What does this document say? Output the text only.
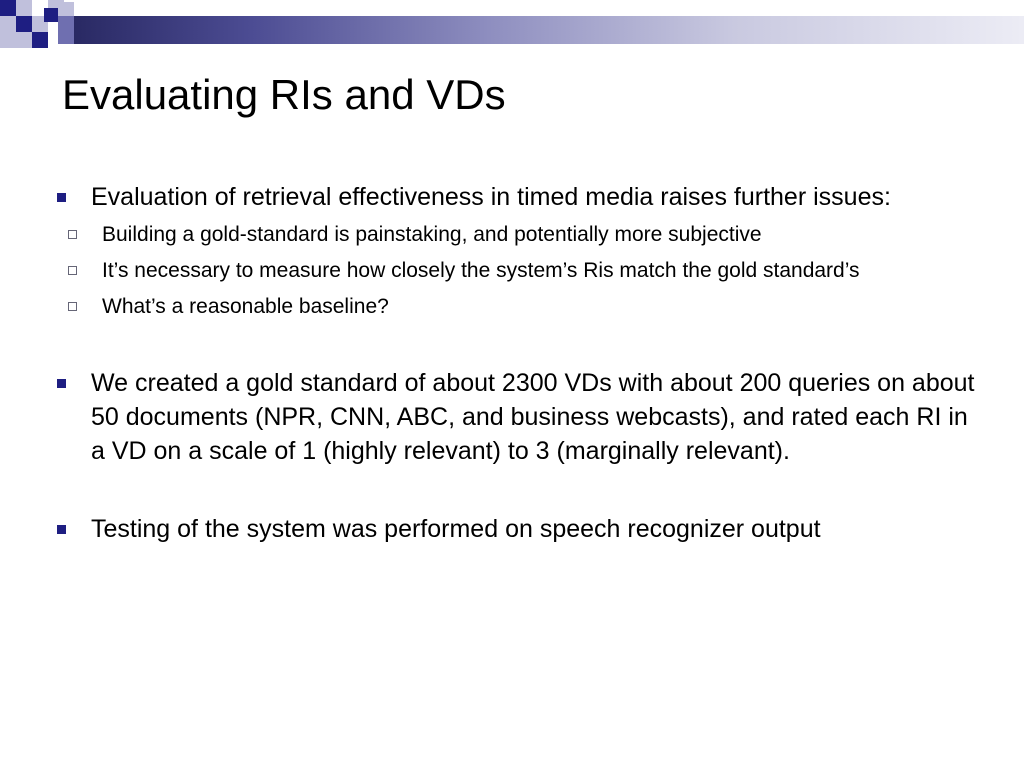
Evaluating RIs and VDs
Evaluation of retrieval effectiveness in timed media raises further issues:
Building a gold-standard is painstaking, and potentially more subjective
It’s necessary to measure how closely the system’s Ris match the gold standard’s
What’s a reasonable baseline?
We created a gold standard of about 2300 VDs with about 200 queries on about 50 documents (NPR, CNN, ABC, and business webcasts), and rated each RI in a VD on a scale of 1 (highly relevant) to 3 (marginally relevant).
Testing of the system was performed on speech recognizer output
